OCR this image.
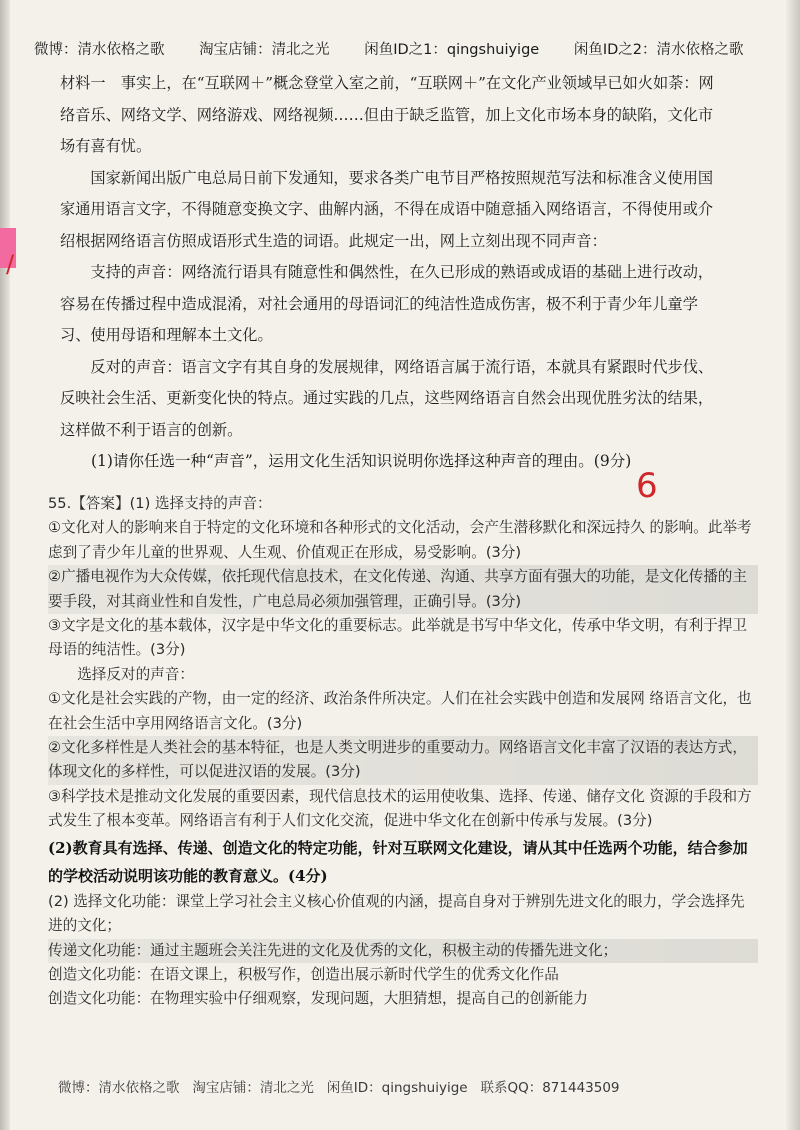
微博：清水依格之歌 淘宝店铺：清北之光 闲鱼ID之1：qingshuiyige 闲鱼ID之2：清水依格之歌

材料一　事实上，在“互联网＋”概念登堂入室之前，“互联网＋”在文化产业领域早已如火如荼：网络音乐、网络文学、网络游戏、网络视频……但由于缺乏监管，加上文化市场本身的缺陷，文化市场有喜有忧。

国家新闻出版广电总局日前下发通知，要求各类广电节目严格按照规范写法和标准含义使用国家通用语言文字，不得随意变换文字、曲解内涵，不得在成语中随意插入网络语言，不得使用或介绍根据网络语言仿照成语形式生造的词语。此规定一出，网上立刻出现不同声音：

支持的声音：网络流行语具有随意性和偶然性，在久已形成的熟语或成语的基础上进行改动，容易在传播过程中造成混淆，对社会通用的母语词汇的纯洁性造成伤害，极不利于青少年儿童学习、使用母语和理解本土文化。

反对的声音：语言文字有其自身的发展规律，网络语言属于流行语，本就具有紧跟时代步伐、反映社会生活、更新变化快的特点。通过实践的几点，这些网络语言自然会出现优胜劣汰的结果，这样做不利于语言的创新。

(1)请你任选一种“声音”，运用文化生活知识说明你选择这种声音的理由。(9分)

6
/

55.【答案】(1) 选择支持的声音：

①文化对人的影响来自于特定的文化环境和各种形式的文化活动，会产生潜移默化和深远持久 的影响。此举考虑到了青少年儿童的世界观、人生观、价值观正在形成，易受影响。(3分)

②广播电视作为大众传媒，依托现代信息技术，在文化传递、沟通、共享方面有强大的功能，是文化传播的主要手段，对其商业性和自发性，广电总局必须加强管理，正确引导。(3分)

③文字是文化的基本载体，汉字是中华文化的重要标志。此举就是书写中华文化，传承中华文明，有利于捍卫母语的纯洁性。(3分)

选择反对的声音：

①文化是社会实践的产物，由一定的经济、政治条件所决定。人们在社会实践中创造和发展网 络语言文化，也在社会生活中享用网络语言文化。(3分)

②文化多样性是人类社会的基本特征，也是人类文明进步的重要动力。网络语言文化丰富了汉语的表达方式，体现文化的多样性，可以促进汉语的发展。(3分)

③科学技术是推动文化发展的重要因素，现代信息技术的运用使收集、选择、传递、储存文化 资源的手段和方式发生了根本变革。网络语言有利于人们文化交流，促进中华文化在创新中传承与发展。(3分)

(2)教育具有选择、传递、创造文化的特定功能，针对互联网文化建设，请从其中任选两个功能，结合参加的学校活动说明该功能的教育意义。(4分)

(2) 选择文化功能：课堂上学习社会主义核心价值观的内涵，提高自身对于辨别先进文化的眼力，学会选择先进的文化；

传递文化功能：通过主题班会关注先进的文化及优秀的文化，积极主动的传播先进文化；

创造文化功能：在语文课上，积极写作，创造出展示新时代学生的优秀文化作品

创造文化功能：在物理实验中仔细观察，发现问题，大胆猜想，提高自己的创新能力

微博：清水依格之歌 淘宝店铺：清北之光 闲鱼ID：qingshuiyige 联系QQ：871443509
